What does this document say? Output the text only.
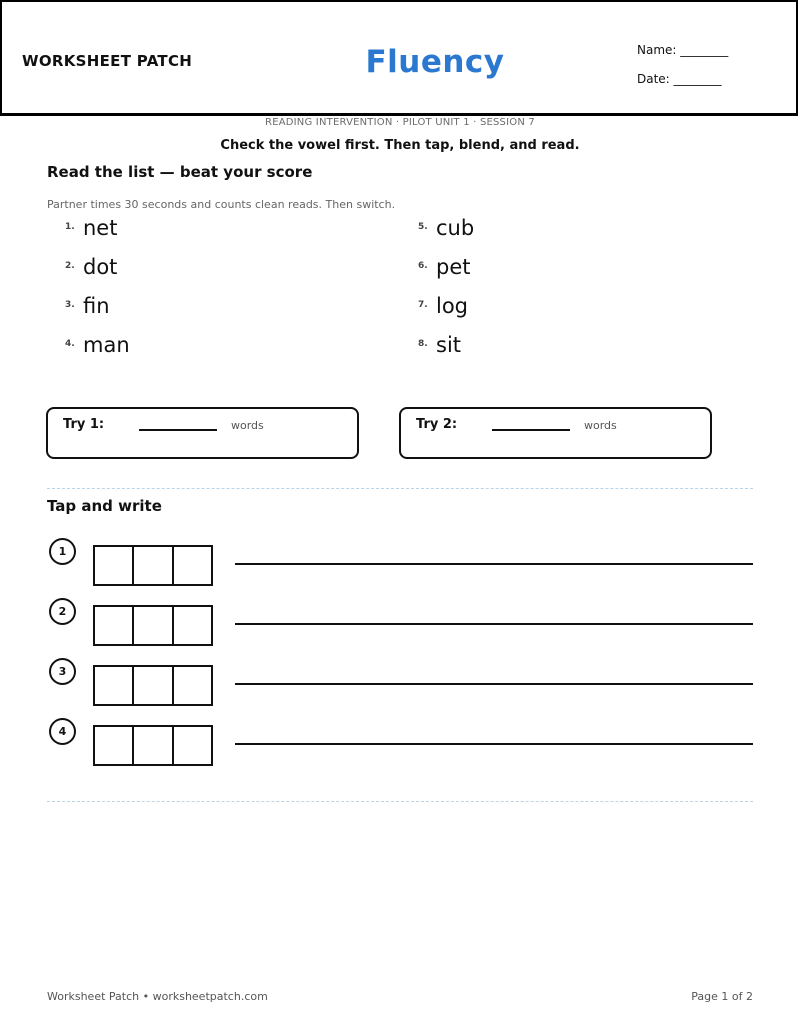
WORKSHEET PATCH	Fluency	Name: ________
Date: ________
READING INTERVENTION · PILOT UNIT 1 · SESSION 7
Check the vowel first. Then tap, blend, and read.
Read the list — beat your score
Partner times 30 seconds and counts clean reads. Then switch.
1. net
2. dot
3. fin
4. man
5. cub
6. pet
7. log
8. sit
Try 1:	words	Try 2:	words
Tap and write
1
2
3
4
Worksheet Patch • worksheetpatch.com	Page 1 of 2
